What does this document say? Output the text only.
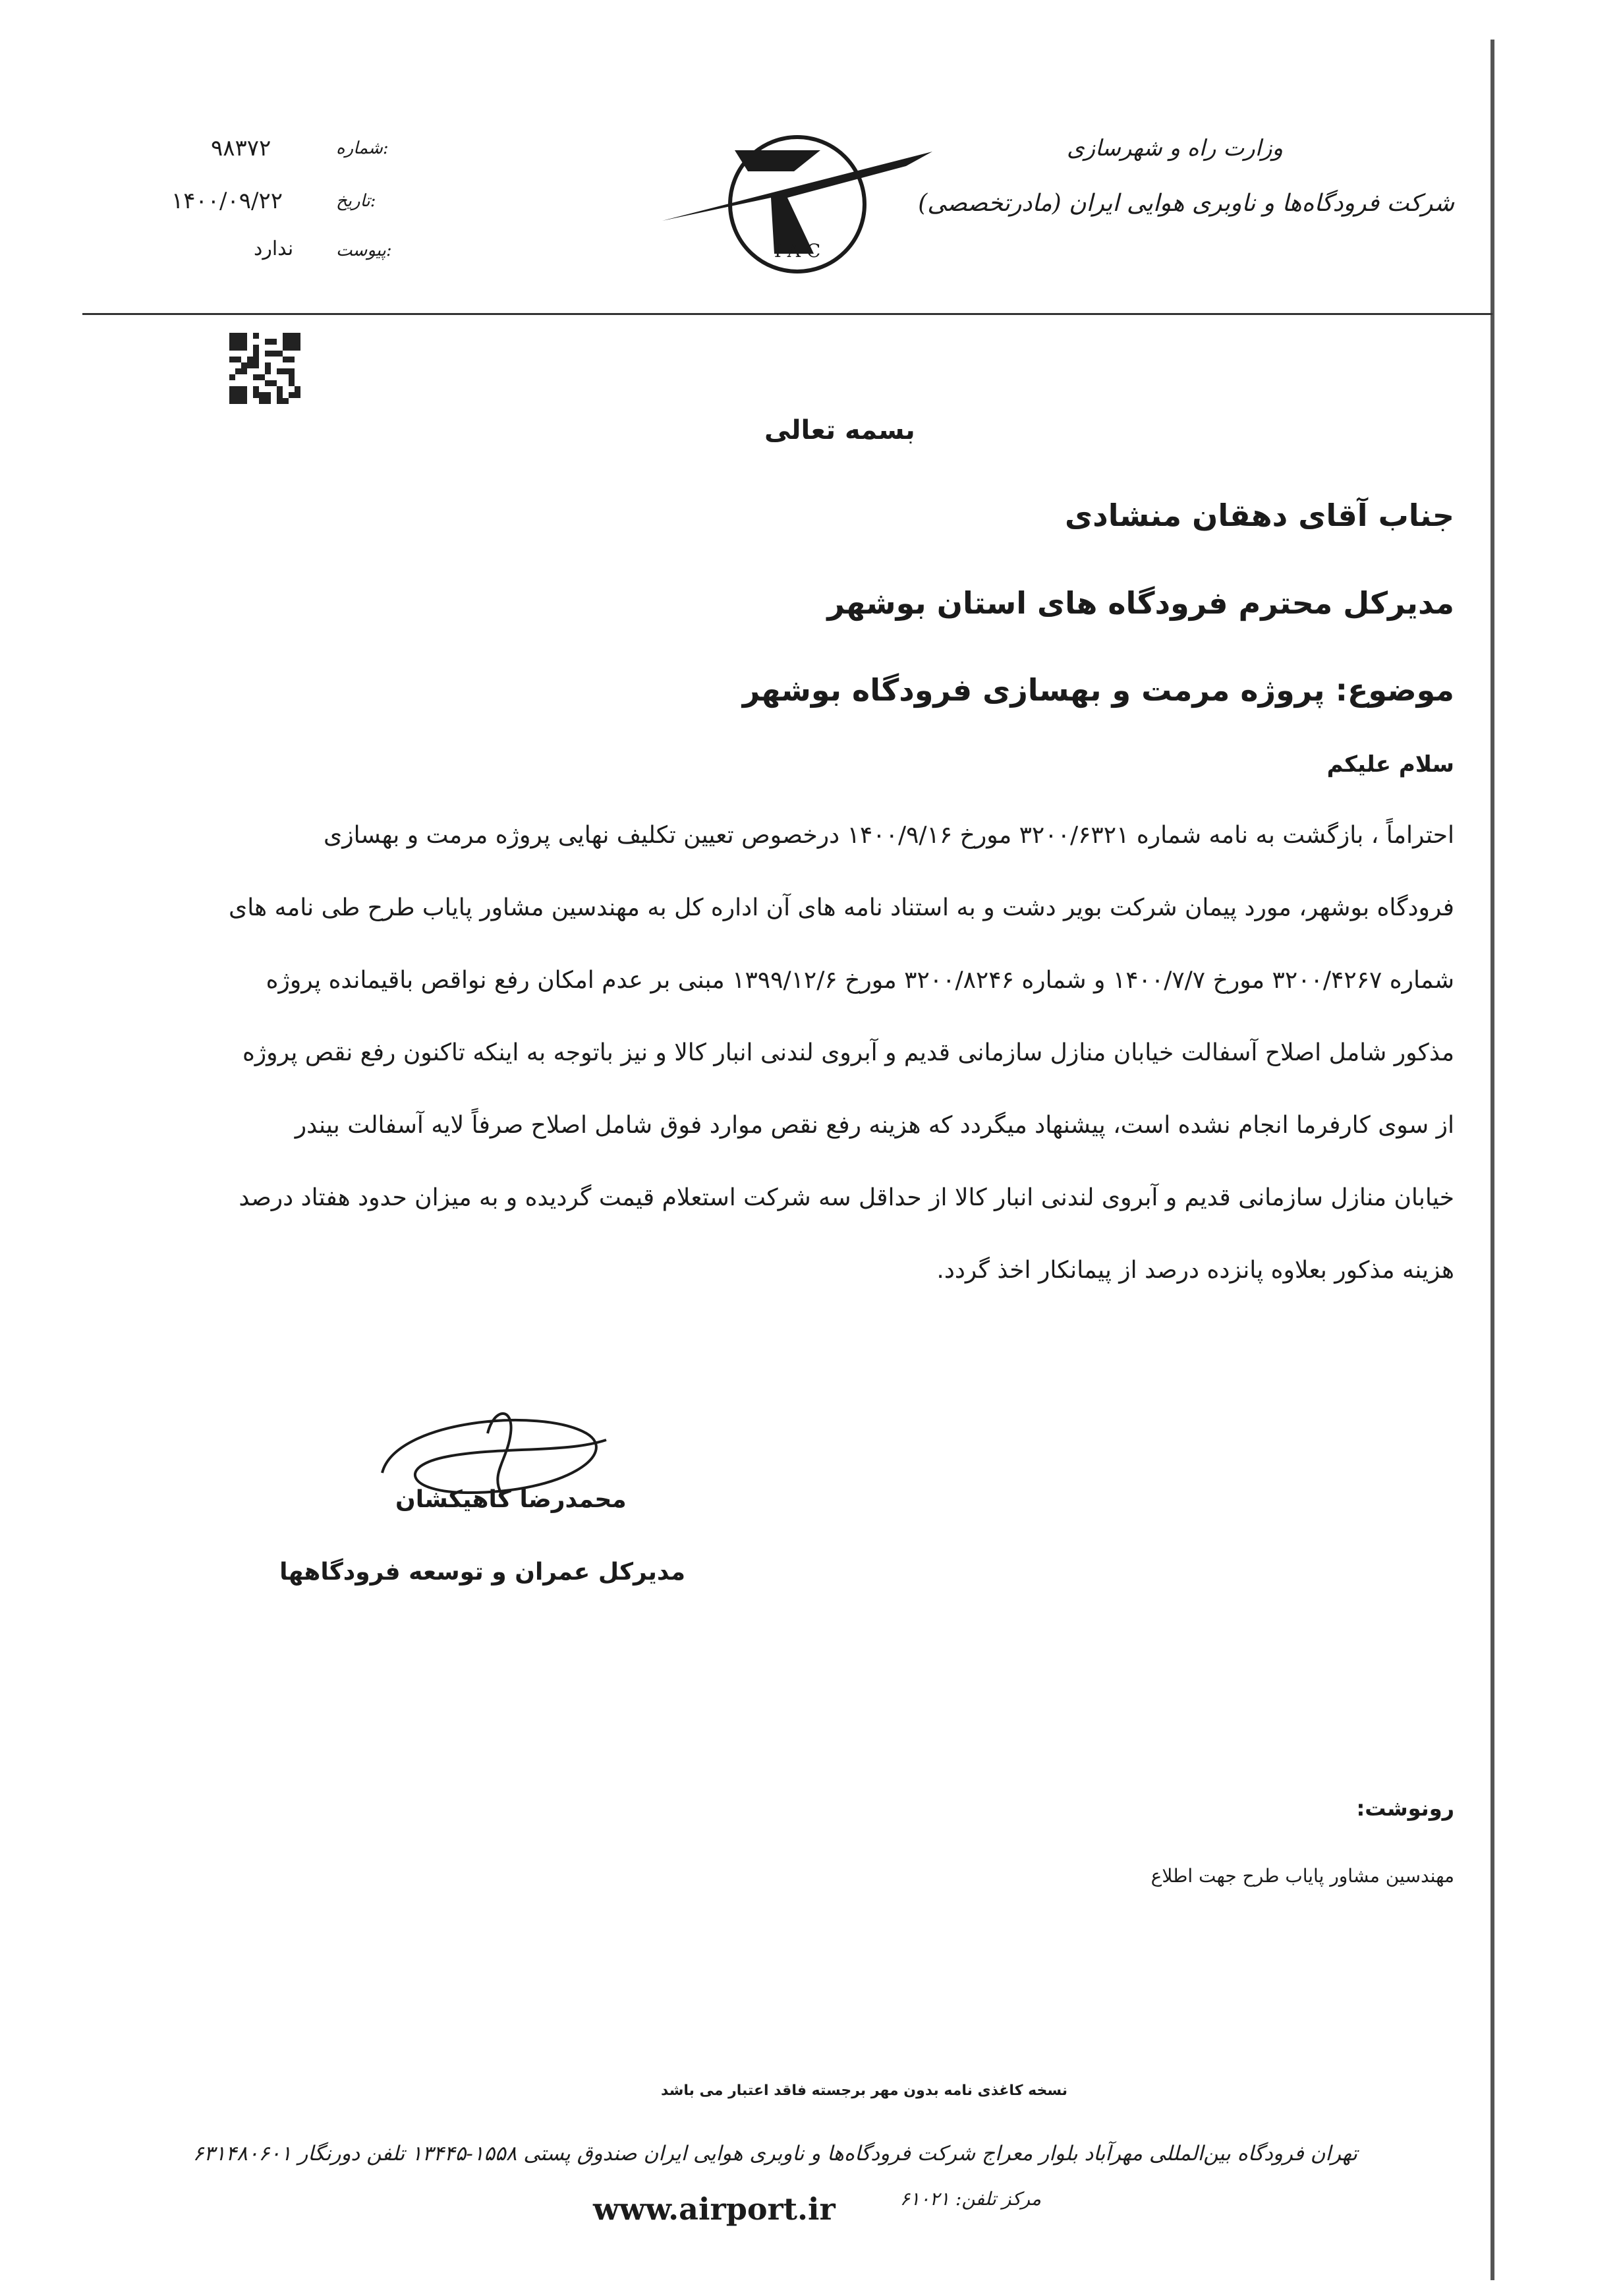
وزارت راه و شهرسازی
شرکت فرودگاه‌ها و ناوبری هوایی ایران (مادرتخصصی)
I A C
شماره:
۹۸۳۷۲
تاریخ:
۱۴۰۰/۰۹/۲۲
پیوست:
ندارد
بسمه تعالی
جناب آقای دهقان منشادی
مدیرکل محترم فرودگاه های استان بوشهر
موضوع: پروژه مرمت و بهسازی فرودگاه بوشهر
سلام علیکم
احتراماً ، بازگشت به نامه شماره ۳۲۰۰/۶۳۲۱ مورخ ۱۴۰۰/۹/۱۶ درخصوص تعیین تکلیف نهایی پروژه مرمت و بهسازی
فرودگاه بوشهر، مورد پیمان شرکت بویر دشت و به استناد نامه های آن اداره کل به مهندسین مشاور پایاب طرح طی نامه های
شماره ۳۲۰۰/۴۲۶۷ مورخ ۱۴۰۰/۷/۷ و شماره ۳۲۰۰/۸۲۴۶ مورخ ۱۳۹۹/۱۲/۶ مبنی بر عدم امکان رفع نواقص باقیمانده پروژه
مذکور شامل اصلاح آسفالت خیابان منازل سازمانی قدیم و آبروی لندنی انبار کالا و نیز باتوجه به اینکه تاکنون رفع نقص پروژه
از سوی کارفرما انجام نشده است، پیشنهاد میگردد که هزینه رفع نقص موارد فوق شامل اصلاح صرفاً لایه آسفالت بیندر
خیابان منازل سازمانی قدیم و آبروی لندنی انبار کالا از حداقل سه شرکت استعلام قیمت گردیده و به میزان حدود هفتاد درصد
هزینه مذکور بعلاوه پانزده درصد از پیمانکار اخذ گردد.
محمدرضا کاهیکشان
مدیرکل عمران و توسعه فرودگاهها
رونوشت:
مهندسین مشاور پایاب طرح جهت اطلاع
نسخه کاغذی نامه بدون مهر برجسته فاقد اعتبار می باشد
تهران فرودگاه بین‌المللی مهرآباد بلوار معراج شرکت فرودگاه‌ها و ناوبری هوایی ایران صندوق پستی ۱۵۵۸-۱۳۴۴۵ تلفن دورنگار ۶۳۱۴۸۰۶۰۱
مرکز تلفن: ۶۱۰۲۱
www.airport.ir
